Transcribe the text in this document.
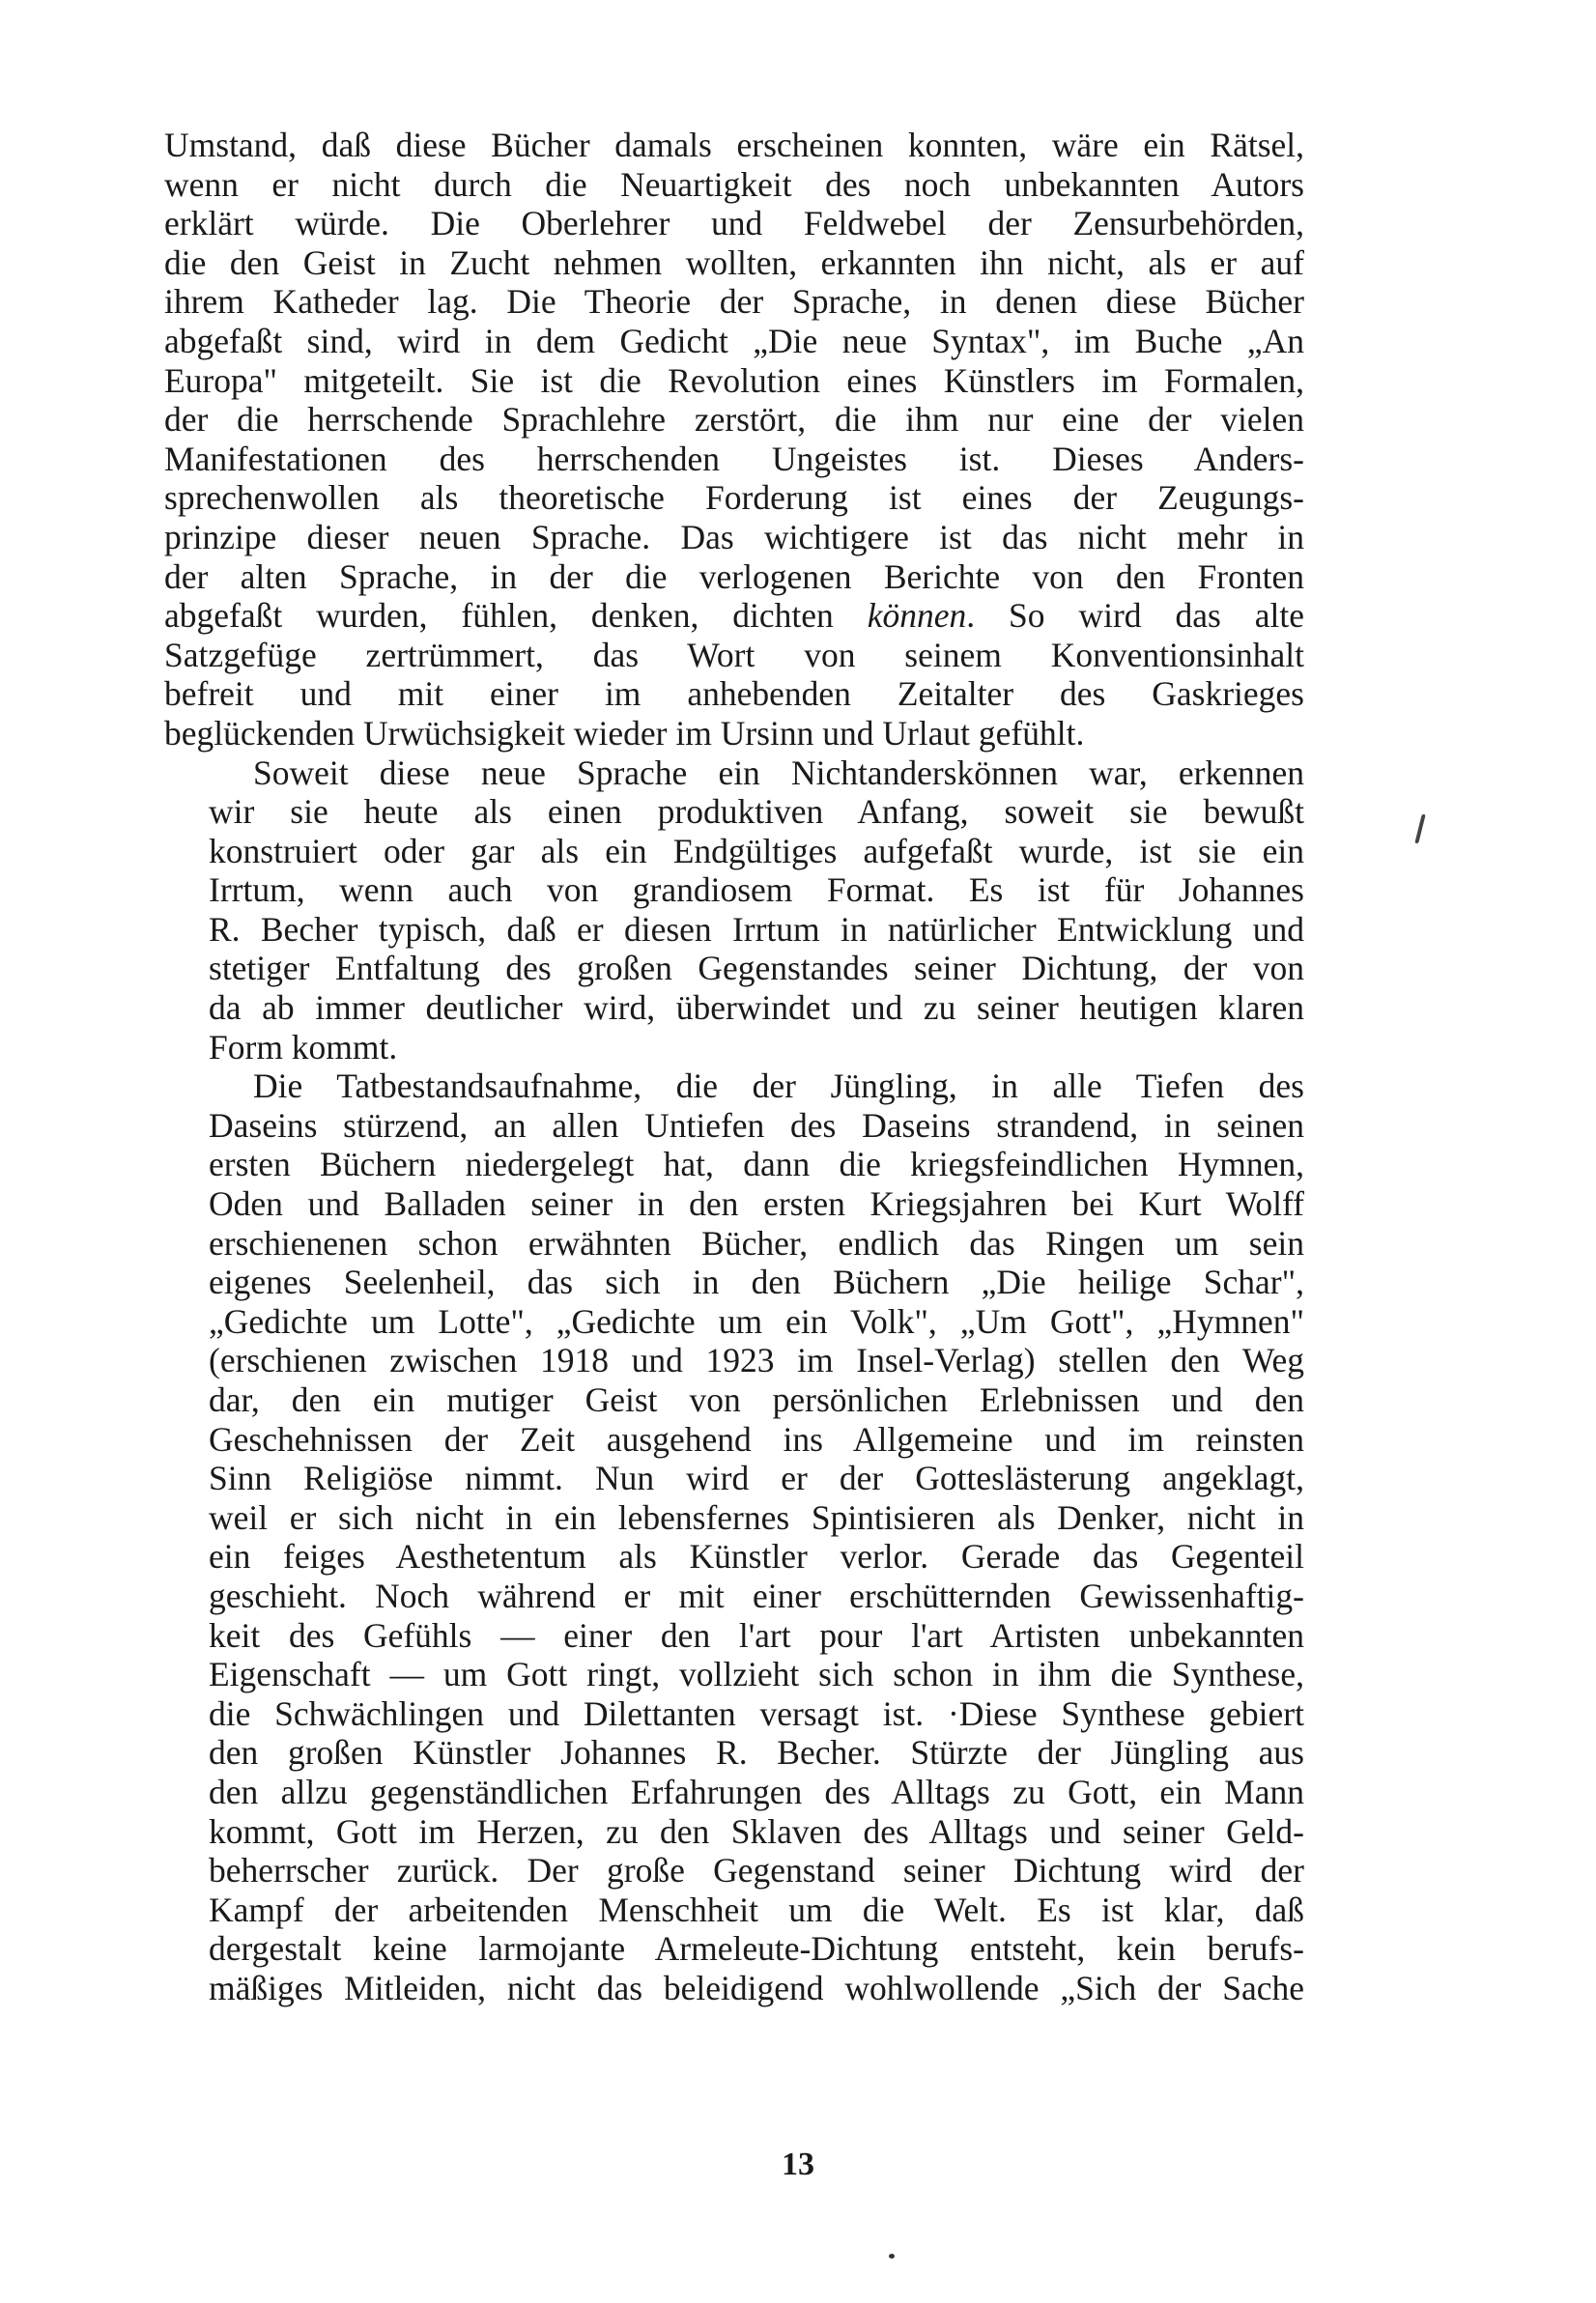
Umstand, daß diese Bücher damals erscheinen konnten, wäre ein Rätsel,
wenn er nicht durch die Neuartigkeit des noch unbekannten Autors
erklärt würde. Die Oberlehrer und Feldwebel der Zensurbehörden,
die den Geist in Zucht nehmen wollten, erkannten ihn nicht, als er auf
ihrem Katheder lag. Die Theorie der Sprache, in denen diese Bücher
abgefaßt sind, wird in dem Gedicht „Die neue Syntax", im Buche „An
Europa" mitgeteilt. Sie ist die Revolution eines Künstlers im Formalen,
der die herrschende Sprachlehre zerstört, die ihm nur eine der vielen
Manifestationen des herrschenden Ungeistes ist. Dieses Anders-
sprechenwollen als theoretische Forderung ist eines der Zeugungs-
prinzipe dieser neuen Sprache. Das wichtigere ist das nicht mehr in
der alten Sprache, in der die verlogenen Berichte von den Fronten
abgefaßt wurden, fühlen, denken, dichten können. So wird das alte
Satzgefüge zertrümmert, das Wort von seinem Konventionsinhalt
befreit und mit einer im anhebenden Zeitalter des Gaskrieges
beglückenden Urwüchsigkeit wieder im Ursinn und Urlaut gefühlt.

Soweit diese neue Sprache ein Nichtanderskönnen war, erkennen
wir sie heute als einen produktiven Anfang, soweit sie bewußt
konstruiert oder gar als ein Endgültiges aufgefaßt wurde, ist sie ein
Irrtum, wenn auch von grandiosem Format. Es ist für Johannes
R. Becher typisch, daß er diesen Irrtum in natürlicher Entwicklung und
stetiger Entfaltung des großen Gegenstandes seiner Dichtung, der von
da ab immer deutlicher wird, überwindet und zu seiner heutigen klaren
Form kommt.

Die Tatbestandsaufnahme, die der Jüngling, in alle Tiefen des
Daseins stürzend, an allen Untiefen des Daseins strandend, in seinen
ersten Büchern niedergelegt hat, dann die kriegsfeindlichen Hymnen,
Oden und Balladen seiner in den ersten Kriegsjahren bei Kurt Wolff
erschienenen schon erwähnten Bücher, endlich das Ringen um sein
eigenes Seelenheil, das sich in den Büchern „Die heilige Schar",
„Gedichte um Lotte", „Gedichte um ein Volk", „Um Gott", „Hymnen"
(erschienen zwischen 1918 und 1923 im Insel-Verlag) stellen den Weg
dar, den ein mutiger Geist von persönlichen Erlebnissen und den
Geschehnissen der Zeit ausgehend ins Allgemeine und im reinsten
Sinn Religiöse nimmt. Nun wird er der Gotteslästerung angeklagt,
weil er sich nicht in ein lebensfernes Spintisieren als Denker, nicht in
ein feiges Aesthetentum als Künstler verlor. Gerade das Gegenteil
geschieht. Noch während er mit einer erschütternden Gewissenhaftig-
keit des Gefühls — einer den l'art pour l'art Artisten unbekannten
Eigenschaft — um Gott ringt, vollzieht sich schon in ihm die Synthese,
die Schwächlingen und Dilettanten versagt ist. ·Diese Synthese gebiert
den großen Künstler Johannes R. Becher. Stürzte der Jüngling aus
den allzu gegenständlichen Erfahrungen des Alltags zu Gott, ein Mann
kommt, Gott im Herzen, zu den Sklaven des Alltags und seiner Geld-
beherrscher zurück. Der große Gegenstand seiner Dichtung wird der
Kampf der arbeitenden Menschheit um die Welt. Es ist klar, daß
dergestalt keine larmojante Armeleute-Dichtung entsteht, kein berufs-
mäßiges Mitleiden, nicht das beleidigend wohlwollende „Sich der Sache

13
